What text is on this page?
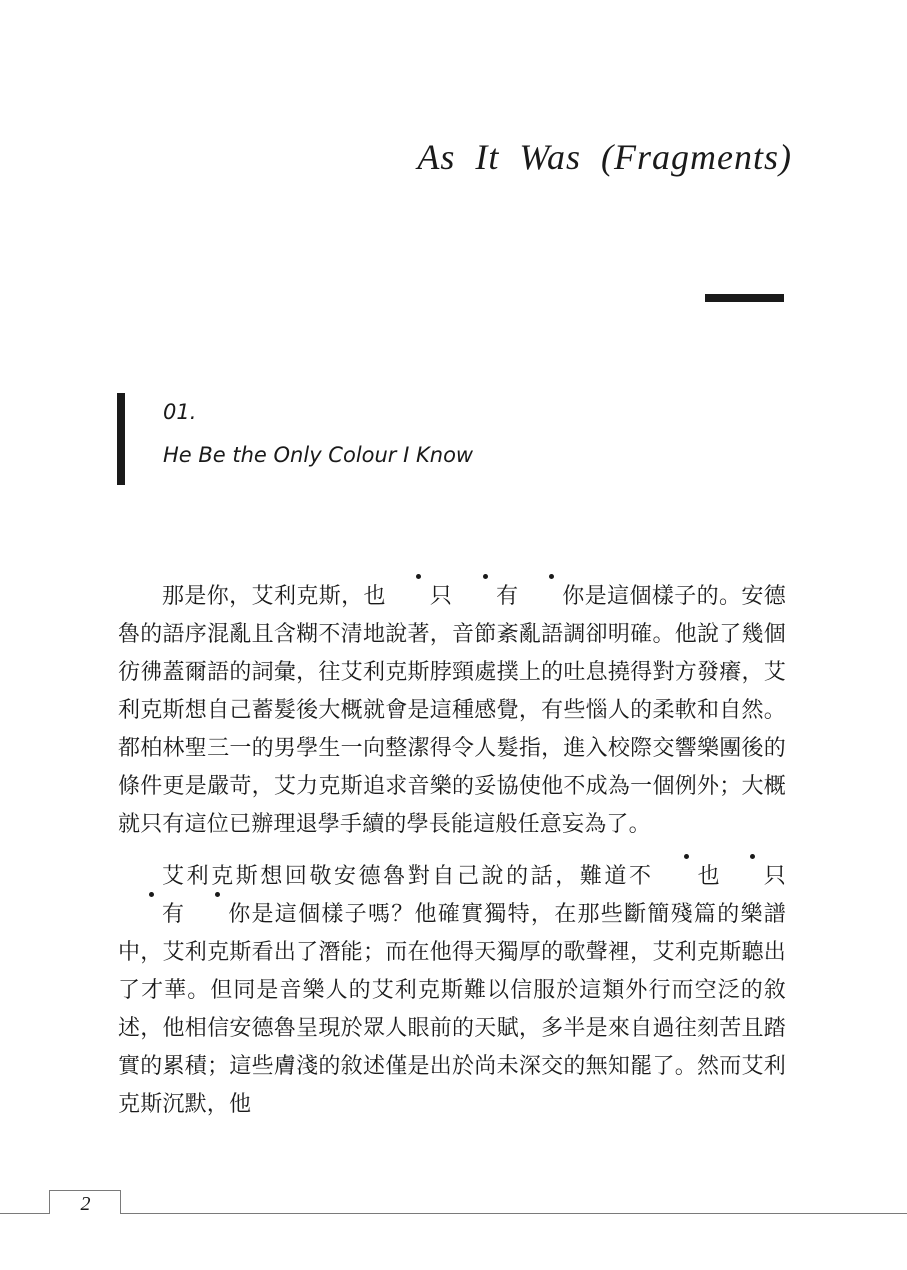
As It Was (Fragments)
01.
He Be the Only Colour I Know

那是你，艾利克斯，也 只 有 你是這個樣子的。安德魯的語序混亂且含糊不清地說著，音節紊亂語調卻明確。他說了幾個彷彿蓋爾語的詞彙，往艾利克斯脖頸處撲上的吐息撓得對方發癢，艾利克斯想自己蓄髮後大概就會是這種感覺，有些惱人的柔軟和自然。都柏林聖三一的男學生一向整潔得令人髮指，進入校際交響樂團後的條件更是嚴苛，艾力克斯追求音樂的妥協使他不成為一個例外；大概就只有這位已辦理退學手續的學長能這般任意妄為了。

艾利克斯想回敬安德魯對自己說的話，難道不 也 只有 你是這個樣子嗎？他確實獨特，在那些斷簡殘篇的樂譜中，艾利克斯看出了潛能；而在他得天獨厚的歌聲裡，艾利克斯聽出了才華。但同是音樂人的艾利克斯難以信服於這類外行而空泛的敘述，他相信安德魯呈現於眾人眼前的天賦，多半是來自過往刻苦且踏實的累積；這些膚淺的敘述僅是出於尚未深交的無知罷了。然而艾利克斯沉默，他

2
